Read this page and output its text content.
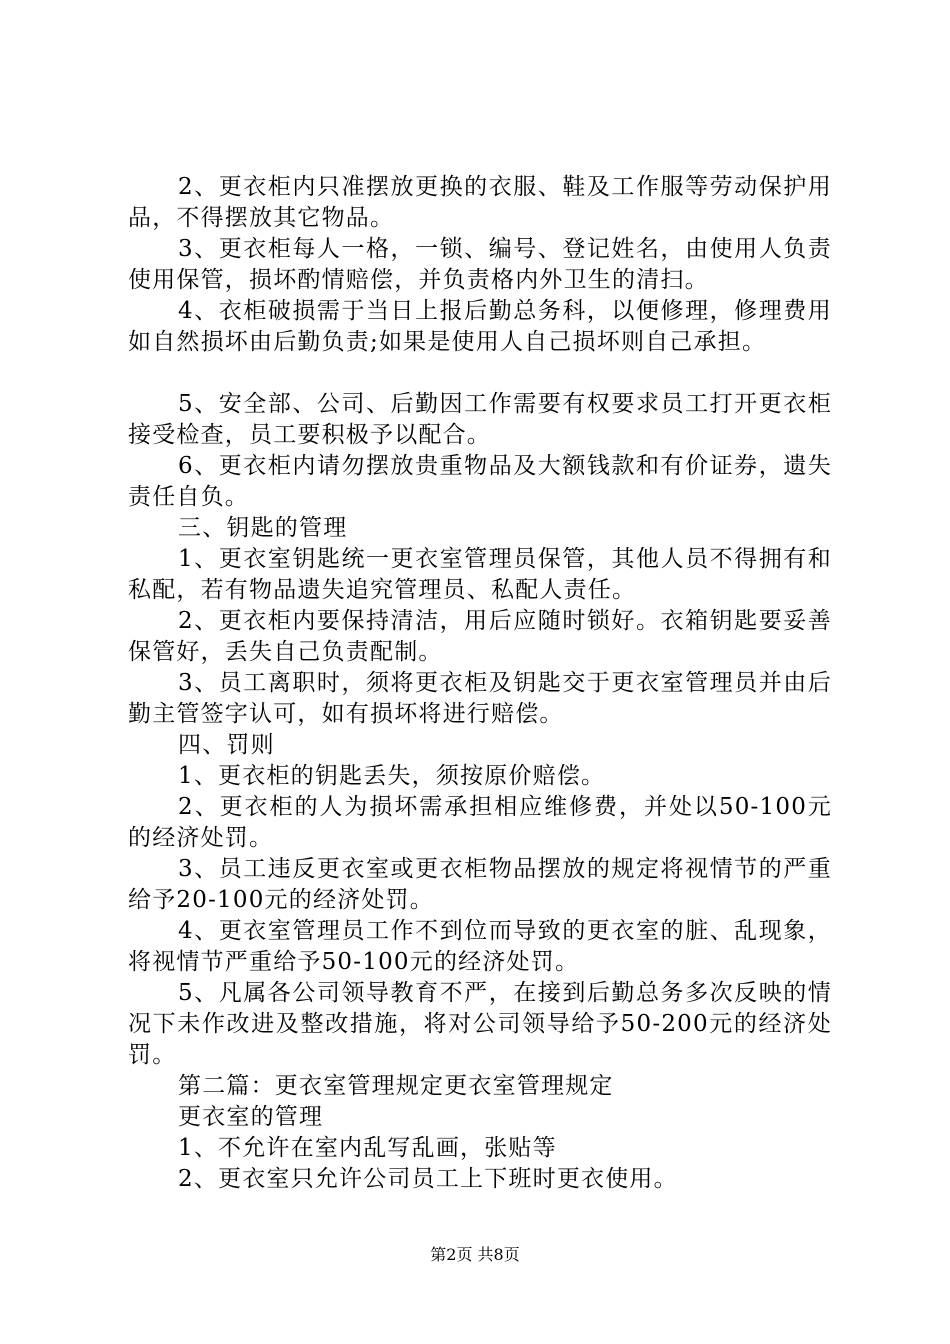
2、更衣柜内只准摆放更换的衣服、鞋及工作服等劳动保护用品，不得摆放其它物品。

3、更衣柜每人一格，一锁、编号、登记姓名，由使用人负责使用保管，损坏酌情赔偿，并负责格内外卫生的清扫。

4、衣柜破损需于当日上报后勤总务科，以便修理，修理费用如自然损坏由后勤负责;如果是使用人自己损坏则自己承担。

5、安全部、公司、后勤因工作需要有权要求员工打开更衣柜接受检查，员工要积极予以配合。

6、更衣柜内请勿摆放贵重物品及大额钱款和有价证券，遗失责任自负。

三、钥匙的管理

1、更衣室钥匙统一更衣室管理员保管，其他人员不得拥有和私配，若有物品遗失追究管理员、私配人责任。

2、更衣柜内要保持清洁，用后应随时锁好。衣箱钥匙要妥善保管好，丢失自己负责配制。

3、员工离职时，须将更衣柜及钥匙交于更衣室管理员并由后勤主管签字认可，如有损坏将进行赔偿。

四、罚则

1、更衣柜的钥匙丢失，须按原价赔偿。

2、更衣柜的人为损坏需承担相应维修费，并处以50-100元的经济处罚。

3、员工违反更衣室或更衣柜物品摆放的规定将视情节的严重给予20-100元的经济处罚。

4、更衣室管理员工作不到位而导致的更衣室的脏、乱现象，将视情节严重给予50-100元的经济处罚。

5、凡属各公司领导教育不严，在接到后勤总务多次反映的情况下未作改进及整改措施，将对公司领导给予50-200元的经济处罚。

第二篇：更衣室管理规定更衣室管理规定

更衣室的管理

1、不允许在室内乱写乱画，张贴等

2、更衣室只允许公司员工上下班时更衣使用。

第2页 共8页
